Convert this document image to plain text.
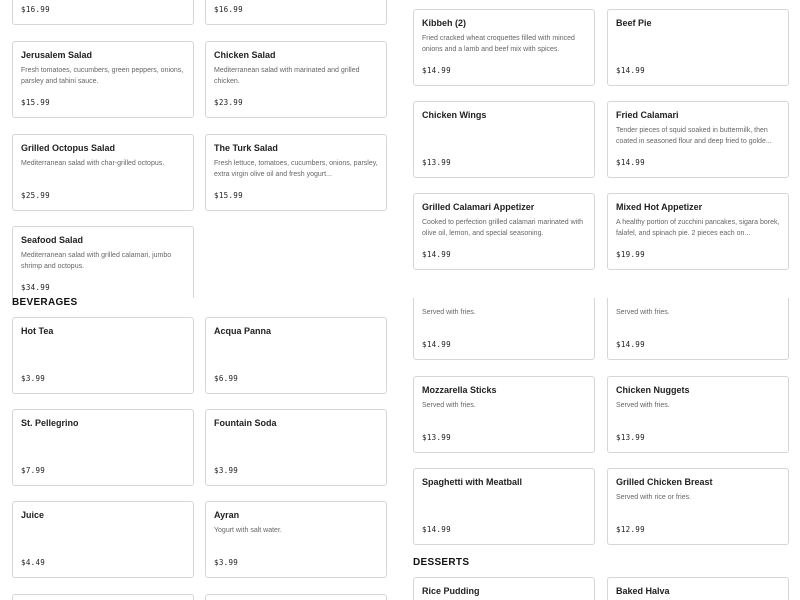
$16.99	$16.99
Jerusalem Salad
Fresh tomatoes, cucumbers, green peppers, onions, parsley and tahini sauce.
$15.99
Chicken Salad
Mediterranean salad with marinated and grilled chicken.
$23.99
Grilled Octopus Salad
Mediterranean salad with char-grilled octopus.
$25.99
The Turk Salad
Fresh lettuce, tomatoes, cucumbers, onions, parsley, extra virgin olive oil and fresh yogurt...
$15.99
Seafood Salad
Mediterranean salad with grilled calamari, jumbo shrimp and octopus.
$34.99
BEVERAGES
Hot Tea
$3.99
Acqua Panna
$6.99
St. Pellegrino
$7.99
Fountain Soda
$3.99
Juice
$4.49
Ayran
Yogurt with salt water.
$3.99
Kibbeh (2)
Fried cracked wheat croquettes filled with minced onions and a lamb and beef mix with spices.
$14.99
Beef Pie
$14.99
Chicken Wings
$13.99
Fried Calamari
Tender pieces of squid soaked in buttermilk, then coated in seasoned flour and deep fried to golde...
$14.99
Grilled Calamari Appetizer
Cooked to perfection grilled calamari marinated with olive oil, lemon, and special seasoning.
$14.99
Mixed Hot Appetizer
A healthy portion of zucchini pancakes, sigara borek, falafel, and spinach pie. 2 pieces each on...
$19.99
Served with fries.
$14.99
Served with fries.
$14.99
Mozzarella Sticks
Served with fries.
$13.99
Chicken Nuggets
Served with fries.
$13.99
Spaghetti with Meatball
$14.99
Grilled Chicken Breast
Served with rice or fries.
$12.99
DESSERTS
Rice Pudding	Baked Halva
